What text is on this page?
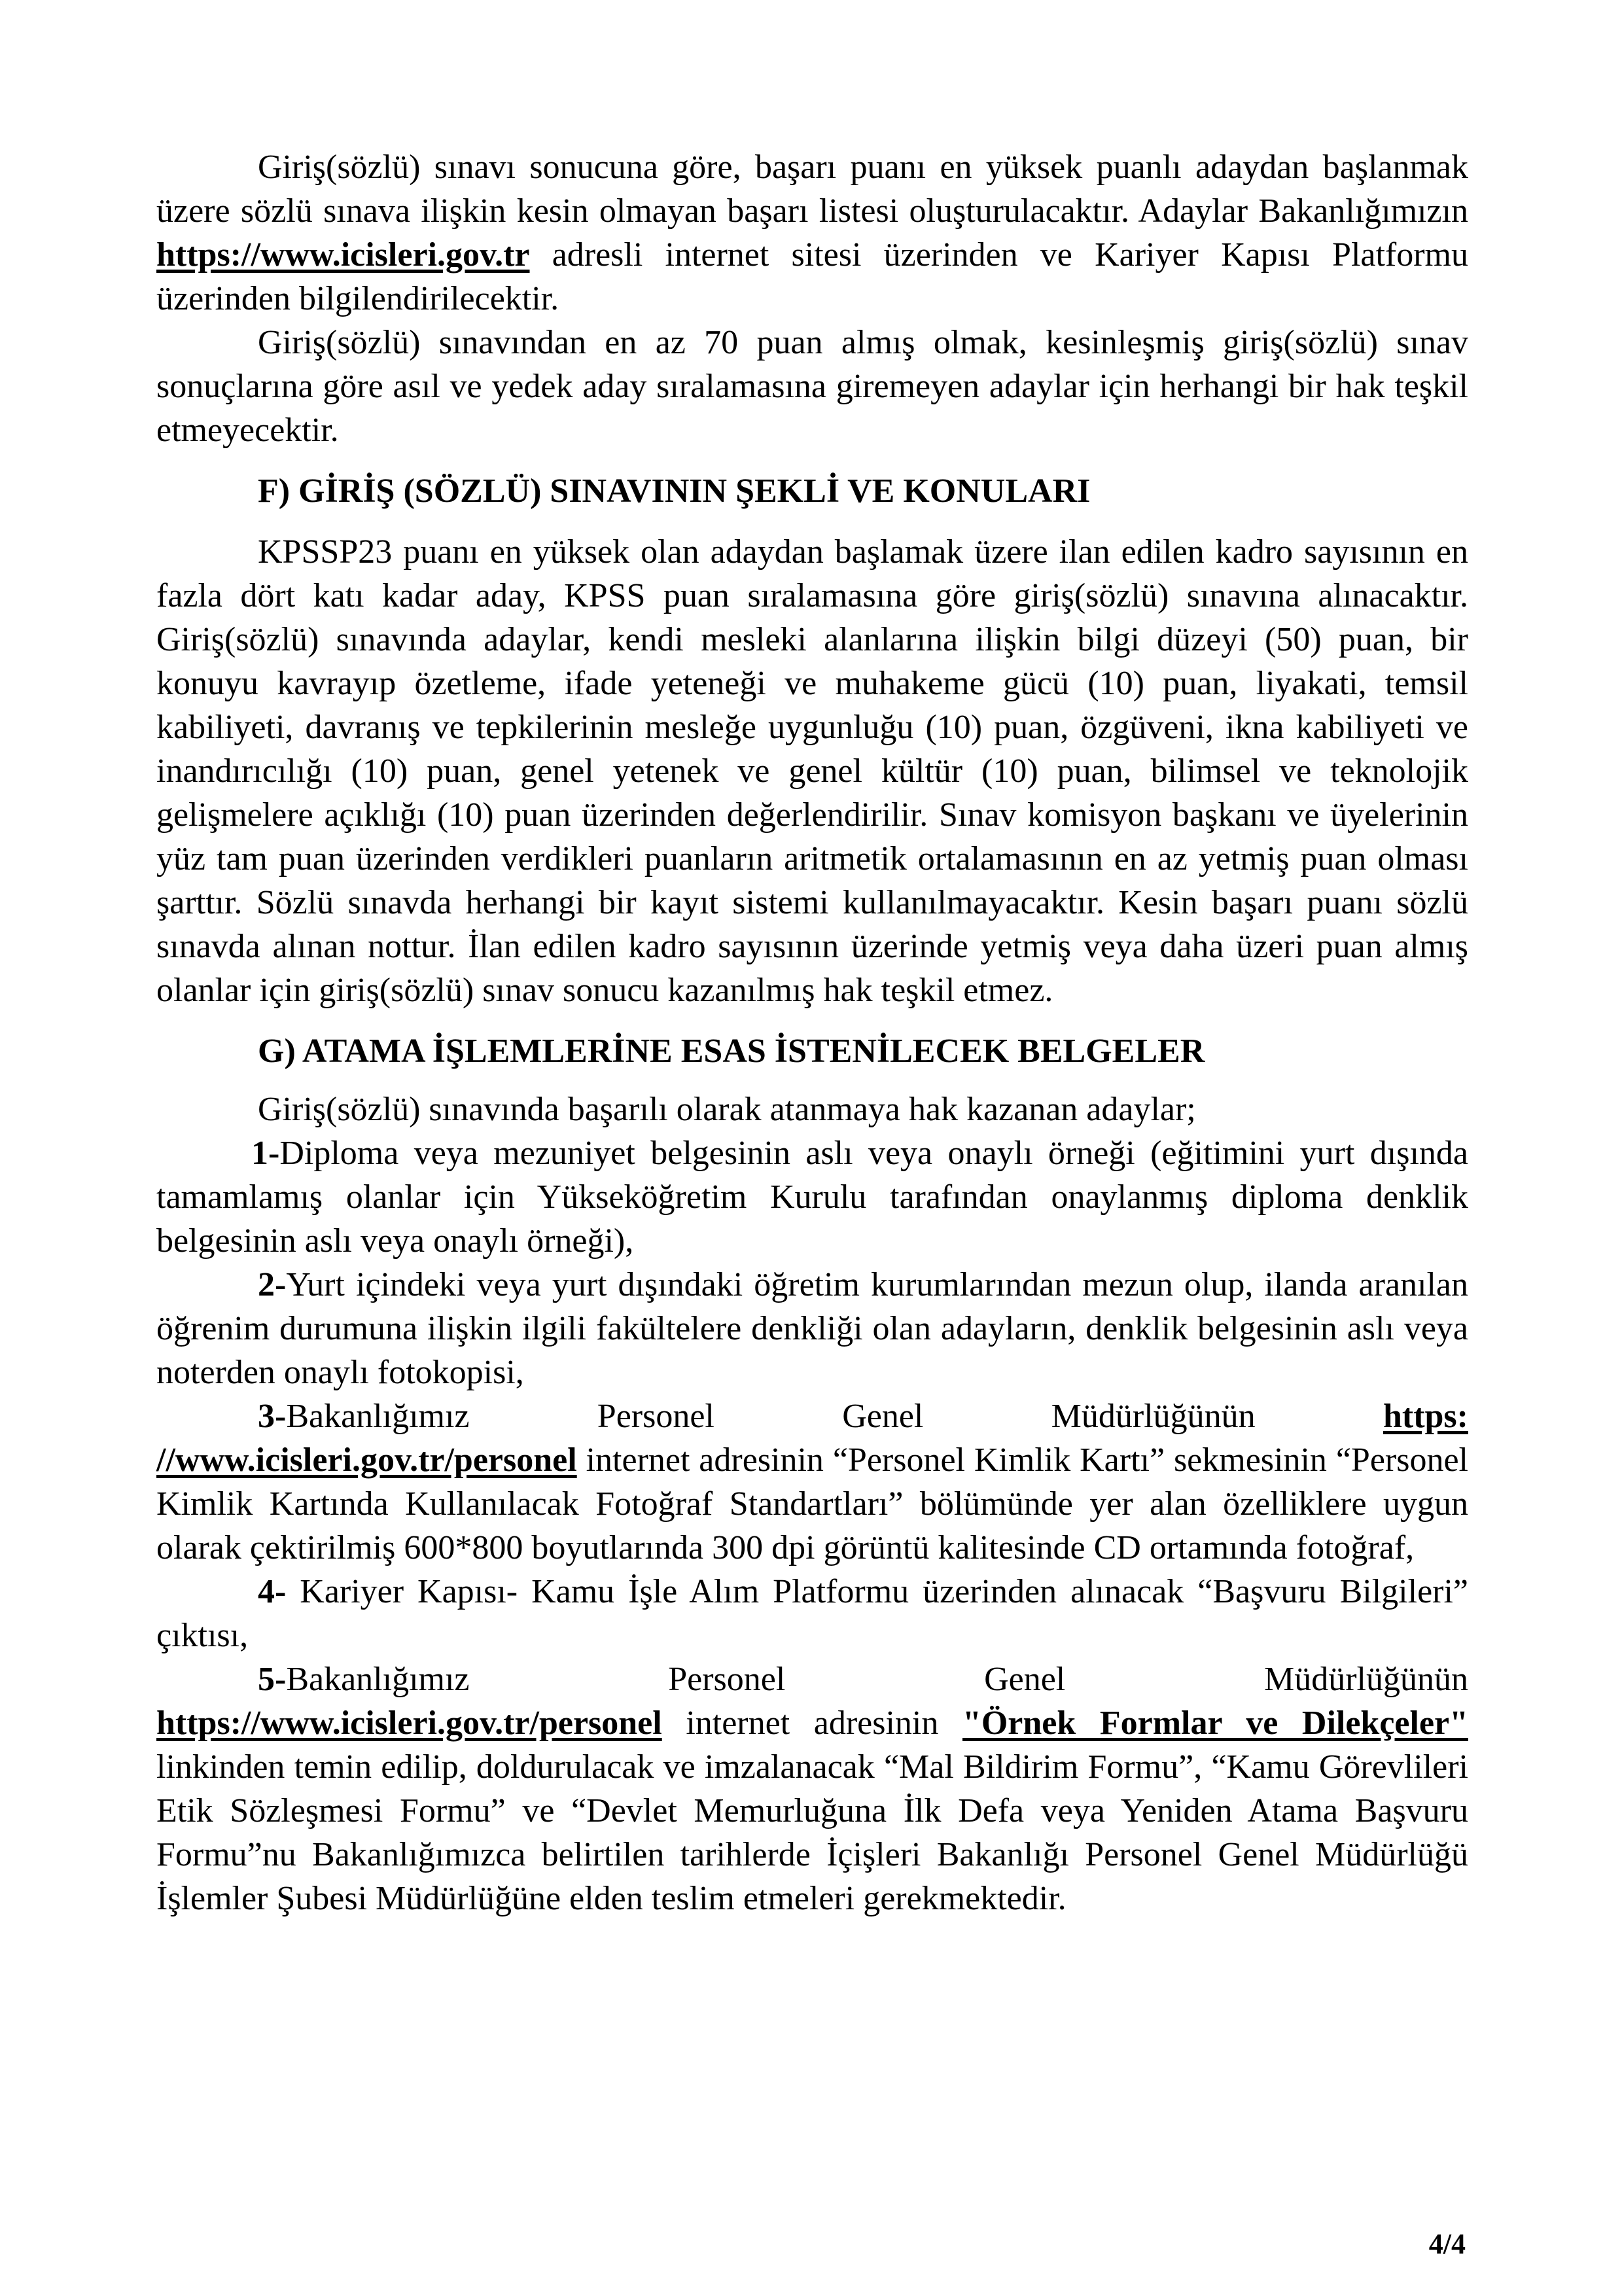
Giriş(sözlü) sınavı sonucuna göre, başarı puanı en yüksek puanlı adaydan başlanmak üzere sözlü sınava ilişkin kesin olmayan başarı listesi oluşturulacaktır. Adaylar Bakanlığımızın https://www.icisleri.gov.tr adresli internet sitesi üzerinden ve Kariyer Kapısı Platformu üzerinden bilgilendirilecektir.

Giriş(sözlü) sınavından en az 70 puan almış olmak, kesinleşmiş giriş(sözlü) sınav sonuçlarına göre asıl ve yedek aday sıralamasına giremeyen adaylar için herhangi bir hak teşkil etmeyecektir.

F) GİRİŞ (SÖZLÜ) SINAVININ ŞEKLİ VE KONULARI

KPSSP23 puanı en yüksek olan adaydan başlamak üzere ilan edilen kadro sayısının en fazla dört katı kadar aday, KPSS puan sıralamasına göre giriş(sözlü) sınavına alınacaktır. Giriş(sözlü) sınavında adaylar, kendi mesleki alanlarına ilişkin bilgi düzeyi (50) puan, bir konuyu kavrayıp özetleme, ifade yeteneği ve muhakeme gücü (10) puan, liyakati, temsil kabiliyeti, davranış ve tepkilerinin mesleğe uygunluğu (10) puan, özgüveni, ikna kabiliyeti ve inandırıcılığı (10) puan, genel yetenek ve genel kültür (10) puan, bilimsel ve teknolojik gelişmelere açıklığı (10) puan üzerinden değerlendirilir. Sınav komisyon başkanı ve üyelerinin yüz tam puan üzerinden verdikleri puanların aritmetik ortalamasının en az yetmiş puan olması şarttır. Sözlü sınavda herhangi bir kayıt sistemi kullanılmayacaktır. Kesin başarı puanı sözlü sınavda alınan nottur. İlan edilen kadro sayısının üzerinde yetmiş veya daha üzeri puan almış olanlar için giriş(sözlü) sınav sonucu kazanılmış hak teşkil etmez.

G) ATAMA İŞLEMLERİNE ESAS İSTENİLECEK BELGELER

Giriş(sözlü) sınavında başarılı olarak atanmaya hak kazanan adaylar;

1-Diploma veya mezuniyet belgesinin aslı veya onaylı örneği (eğitimini yurt dışında tamamlamış olanlar için Yükseköğretim Kurulu tarafından onaylanmış diploma denklik belgesinin aslı veya onaylı örneği),

2-Yurt içindeki veya yurt dışındaki öğretim kurumlarından mezun olup, ilanda aranılan öğrenim durumuna ilişkin ilgili fakültelere denkliği olan adayların, denklik belgesinin aslı veya noterden onaylı fotokopisi,

3-Bakanlığımız	Personel	Genel	Müdürlüğünün	https:

//www.icisleri.gov.tr/personel internet adresinin “Personel Kimlik Kartı” sekmesinin “Personel Kimlik Kartında Kullanılacak Fotoğraf Standartları” bölümünde yer alan özelliklere uygun olarak çektirilmiş 600*800 boyutlarında 300 dpi görüntü kalitesinde CD ortamında fotoğraf,

4- Kariyer Kapısı- Kamu İşle Alım Platformu üzerinden alınacak “Başvuru Bilgileri” çıktısı,

5-Bakanlığımız	Personel	Genel	Müdürlüğünün

https://www.icisleri.gov.tr/personel internet adresinin "Örnek Formlar ve Dilekçeler" linkinden temin edilip, doldurulacak ve imzalanacak “Mal Bildirim Formu”, “Kamu Görevlileri Etik Sözleşmesi Formu” ve “Devlet Memurluğuna İlk Defa veya Yeniden Atama Başvuru Formu”nu Bakanlığımızca belirtilen tarihlerde İçişleri Bakanlığı Personel Genel Müdürlüğü İşlemler Şubesi Müdürlüğüne elden teslim etmeleri gerekmektedir.

4/4
